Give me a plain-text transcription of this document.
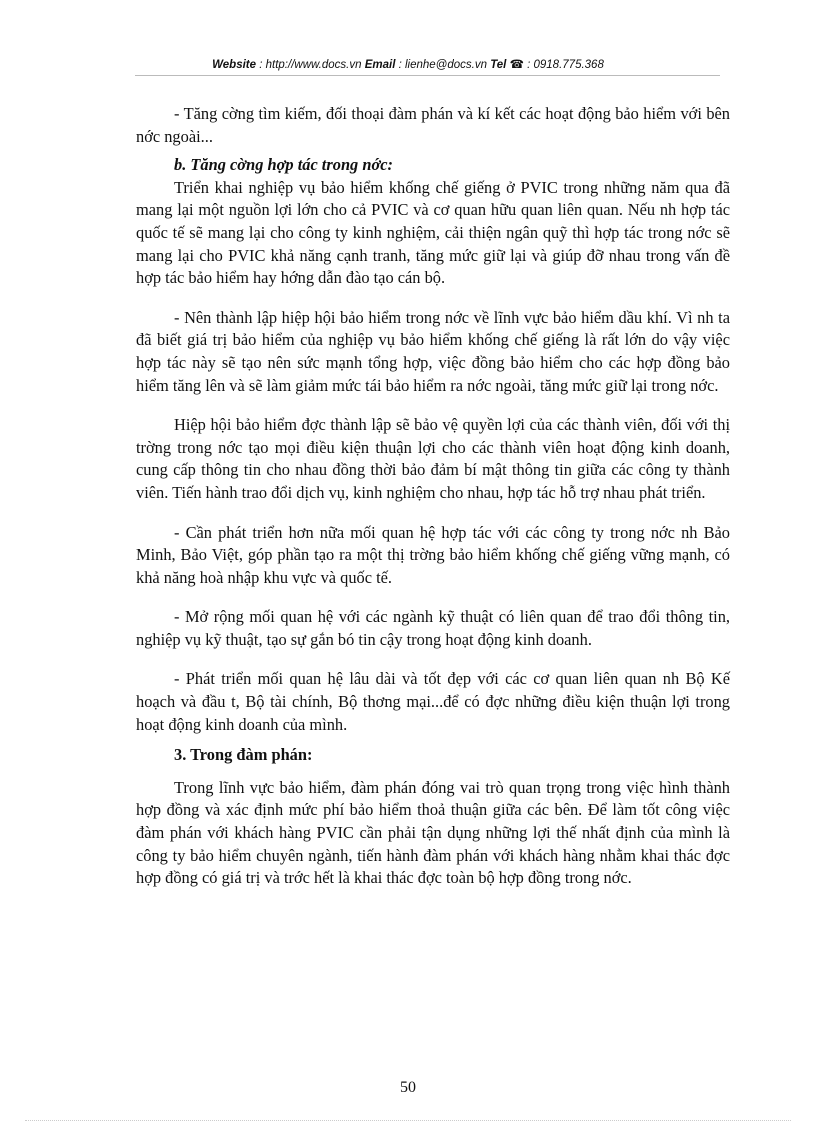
Website : http://www.docs.vn Email : lienhe@docs.vn Tel ☎ : 0918.775.368

- Tăng cờng tìm kiếm, đối thoại đàm phán và kí kết các hoạt động bảo hiểm với bên nớc ngoài...

b. Tăng cờng hợp tác trong nớc:

Triển khai nghiệp vụ bảo hiểm khống chế giếng ở PVIC trong những năm qua đã mang lại một nguồn lợi lớn cho cả PVIC và cơ quan hữu quan liên quan. Nếu nh hợp tác quốc tế sẽ mang lại cho công ty kinh nghiệm, cải thiện ngân quỹ thì hợp tác trong nớc sẽ mang lại cho PVIC khả năng cạnh tranh, tăng mức giữ lại và giúp đỡ nhau trong vấn đề hợp tác bảo hiểm hay hớng dẫn đào tạo cán bộ.

- Nên thành lập hiệp hội bảo hiểm trong nớc về lĩnh vực bảo hiểm dầu khí. Vì nh ta đã biết giá trị bảo hiểm của nghiệp vụ bảo hiểm khống chế giếng là rất lớn do vậy việc hợp tác này sẽ tạo nên sức mạnh tổng hợp, việc đồng bảo hiểm cho các hợp đồng bảo hiểm tăng lên và sẽ làm giảm mức tái bảo hiểm ra nớc ngoài, tăng mức giữ lại trong nớc.

Hiệp hội bảo hiểm đợc thành lập sẽ bảo vệ quyền lợi của các thành viên, đối với thị trờng trong nớc tạo mọi điều kiện thuận lợi cho các thành viên hoạt động kinh doanh, cung cấp thông tin cho nhau đồng thời bảo đảm bí mật thông tin giữa các công ty thành viên. Tiến hành trao đổi dịch vụ, kinh nghiệm cho nhau, hợp tác hỗ trợ nhau phát triển.

- Cần phát triển hơn nữa mối quan hệ hợp tác với các công ty trong nớc nh Bảo Minh, Bảo Việt, góp phần tạo ra một thị trờng bảo hiểm khống chế giếng vững mạnh, có khả năng hoà nhập khu vực và quốc tế.

- Mở rộng mối quan hệ với các ngành kỹ thuật có liên quan để trao đổi thông tin, nghiệp vụ kỹ thuật, tạo sự gắn bó tin cậy trong hoạt động kinh doanh.

- Phát triển mối quan hệ lâu dài và tốt đẹp với các cơ quan liên quan nh Bộ Kế hoạch và đầu t, Bộ tài chính, Bộ thơng mại...để có đợc những điều kiện thuận lợi trong hoạt động kinh doanh của mình.

3. Trong đàm phán:

Trong lĩnh vực bảo hiểm, đàm phán đóng vai trò quan trọng trong việc hình thành hợp đồng và xác định mức phí bảo hiểm thoả thuận giữa các bên. Để làm tốt công việc đàm phán với khách hàng PVIC cần phải tận dụng những lợi thế nhất định của mình là công ty bảo hiểm chuyên ngành, tiến hành đàm phán với khách hàng nhằm khai thác đợc hợp đồng có giá trị và trớc hết là khai thác đợc toàn bộ hợp đồng trong nớc.

50
